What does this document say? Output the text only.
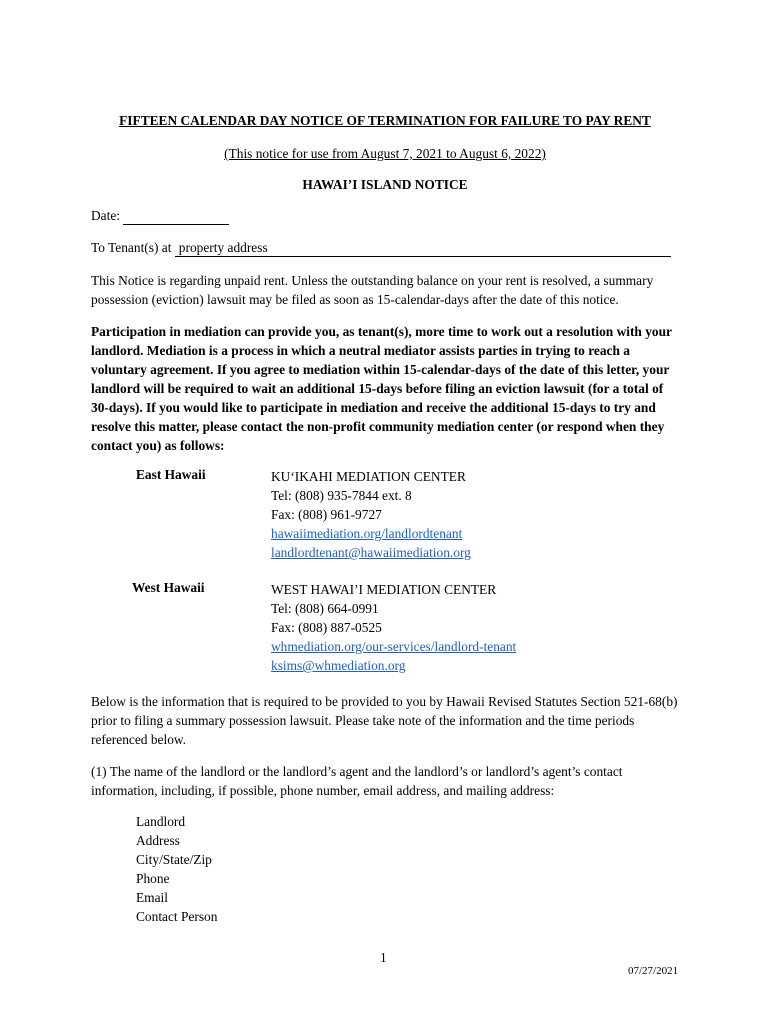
FIFTEEN CALENDAR DAY NOTICE OF TERMINATION FOR FAILURE TO PAY RENT
(This notice for use from August 7, 2021 to August 6, 2022)
HAWAI’I ISLAND NOTICE
Date:
To Tenant(s) at property address
This Notice is regarding unpaid rent. Unless the outstanding balance on your rent is resolved, a summary possession (eviction) lawsuit may be filed as soon as 15-calendar-days after the date of this notice.
Participation in mediation can provide you, as tenant(s), more time to work out a resolution with your landlord. Mediation is a process in which a neutral mediator assists parties in trying to reach a voluntary agreement. If you agree to mediation within 15-calendar-days of the date of this letter, your landlord will be required to wait an additional 15-days before filing an eviction lawsuit (for a total of 30-days). If you would like to participate in mediation and receive the additional 15-days to try and resolve this matter, please contact the non-profit community mediation center (or respond when they contact you) as follows:
East Hawaii	KU‘IKAHI MEDIATION CENTER
Tel: (808) 935-7844 ext. 8
Fax: (808) 961-9727
hawaiimediation.org/landlordtenant
landlordtenant@hawaiimediation.org
West Hawaii	WEST HAWAI’I MEDIATION CENTER
Tel: (808) 664-0991
Fax: (808) 887-0525
whmediation.org/our-services/landlord-tenant
ksims@whmediation.org
Below is the information that is required to be provided to you by Hawaii Revised Statutes Section 521-68(b) prior to filing a summary possession lawsuit. Please take note of the information and the time periods referenced below.
(1) The name of the landlord or the landlord’s agent and the landlord’s or landlord’s agent’s contact information, including, if possible, phone number, email address, and mailing address:
Landlord
Address
City/State/Zip
Phone
Email
Contact Person
1
07/27/2021
